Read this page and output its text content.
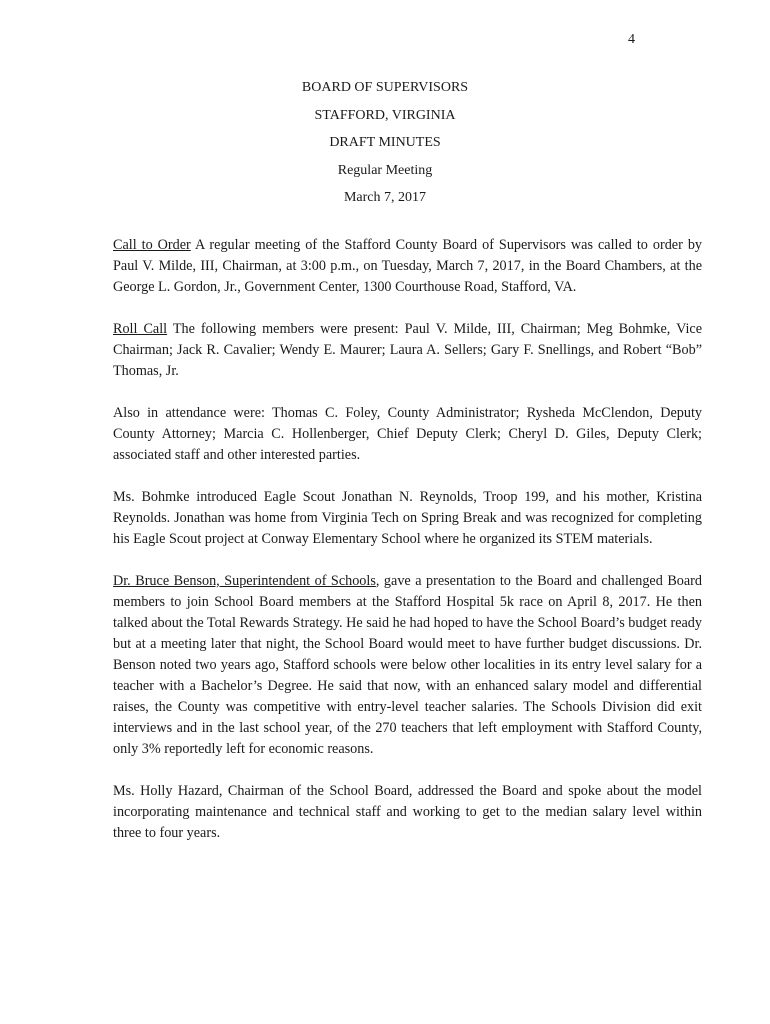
4
BOARD OF SUPERVISORS
STAFFORD, VIRGINIA
DRAFT MINUTES
Regular Meeting
March 7, 2017

Call to Order A regular meeting of the Stafford County Board of Supervisors was called to order by Paul V. Milde, III, Chairman, at 3:00 p.m., on Tuesday, March 7, 2017, in the Board Chambers, at the George L. Gordon, Jr., Government Center, 1300 Courthouse Road, Stafford, VA.

Roll Call The following members were present: Paul V. Milde, III, Chairman; Meg Bohmke, Vice Chairman; Jack R. Cavalier; Wendy E. Maurer; Laura A. Sellers; Gary F. Snellings, and Robert “Bob” Thomas, Jr.

Also in attendance were: Thomas C. Foley, County Administrator; Rysheda McClendon, Deputy County Attorney; Marcia C. Hollenberger, Chief Deputy Clerk; Cheryl D. Giles, Deputy Clerk; associated staff and other interested parties.

Ms. Bohmke introduced Eagle Scout Jonathan N. Reynolds, Troop 199, and his mother, Kristina Reynolds. Jonathan was home from Virginia Tech on Spring Break and was recognized for completing his Eagle Scout project at Conway Elementary School where he organized its STEM materials.

Dr. Bruce Benson, Superintendent of Schools, gave a presentation to the Board and challenged Board members to join School Board members at the Stafford Hospital 5k race on April 8, 2017. He then talked about the Total Rewards Strategy. He said he had hoped to have the School Board’s budget ready but at a meeting later that night, the School Board would meet to have further budget discussions. Dr. Benson noted two years ago, Stafford schools were below other localities in its entry level salary for a teacher with a Bachelor’s Degree. He said that now, with an enhanced salary model and differential raises, the County was competitive with entry-level teacher salaries. The Schools Division did exit interviews and in the last school year, of the 270 teachers that left employment with Stafford County, only 3% reportedly left for economic reasons.

Ms. Holly Hazard, Chairman of the School Board, addressed the Board and spoke about the model incorporating maintenance and technical staff and working to get to the median salary level within three to four years.
